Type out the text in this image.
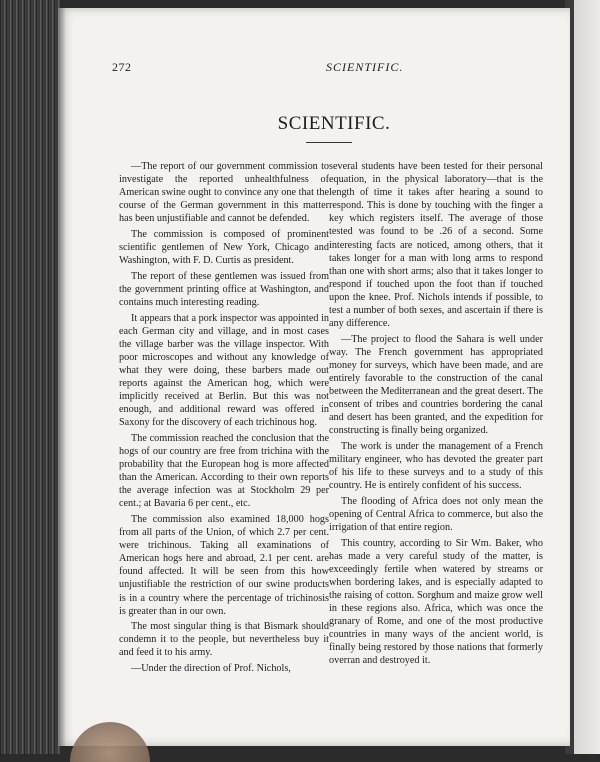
272	SCIENTIFIC.
SCIENTIFIC.

—The report of our government commission to investigate the reported unhealthfulness of American swine ought to convince any one that the course of the German government in this matter has been unjustifiable and cannot be defended.

The commission is composed of prominent scientific gentlemen of New York, Chicago and Washington, with F. D. Curtis as president.

The report of these gentlemen was issued from the government printing office at Washington, and contains much interesting reading.

It appears that a pork inspector was appointed in each German city and village, and in most cases the village barber was the village inspector. With poor microscopes and without any knowledge of what they were doing, these barbers made out reports against the American hog, which were implicitly received at Berlin. But this was not enough, and additional reward was offered in Saxony for the discovery of each trichinous hog.

The commission reached the conclusion that the hogs of our country are free from trichina with the probability that the European hog is more affected than the American. According to their own reports the average infection was at Stockholm 29 per cent.; at Bavaria 6 per cent., etc.

The commission also examined 18,000 hogs from all parts of the Union, of which 2.7 per cent. were trichinous. Taking all examinations of American hogs here and abroad, 2.1 per cent. are found affected. It will be seen from this how unjustifiable the restriction of our swine products is in a country where the percentage of trichinosis is greater than in our own.

The most singular thing is that Bismark should condemn it to the people, but nevertheless buy it and feed it to his army.

—Under the direction of Prof. Nichols,

several students have been tested for their personal equation, in the physical laboratory—that is the length of time it takes after hearing a sound to respond. This is done by touching with the finger a key which registers itself. The average of those tested was found to be .26 of a second. Some interesting facts are noticed, among others, that it takes longer for a man with long arms to respond than one with short arms; also that it takes longer to respond if touched upon the foot than if touched upon the knee. Prof. Nichols intends if possible, to test a number of both sexes, and ascertain if there is any difference.

—The project to flood the Sahara is well under way. The French government has appropriated money for surveys, which have been made, and are entirely favorable to the construction of the canal between the Mediterranean and the great desert. The consent of tribes and countries bordering the canal and desert has been granted, and the expedition for constructing is finally being organized.

The work is under the management of a French military engineer, who has devoted the greater part of his life to these surveys and to a study of this country. He is entirely confident of his success.

The flooding of Africa does not only mean the opening of Central Africa to commerce, but also the irrigation of that entire region.

This country, according to Sir Wm. Baker, who has made a very careful study of the matter, is exceedingly fertile when watered by streams or when bordering lakes, and is especially adapted to the raising of cotton. Sorghum and maize grow well in these regions also. Africa, which was once the granary of Rome, and one of the most productive countries in many ways of the ancient world, is finally being restored by those nations that formerly overran and destroyed it.
